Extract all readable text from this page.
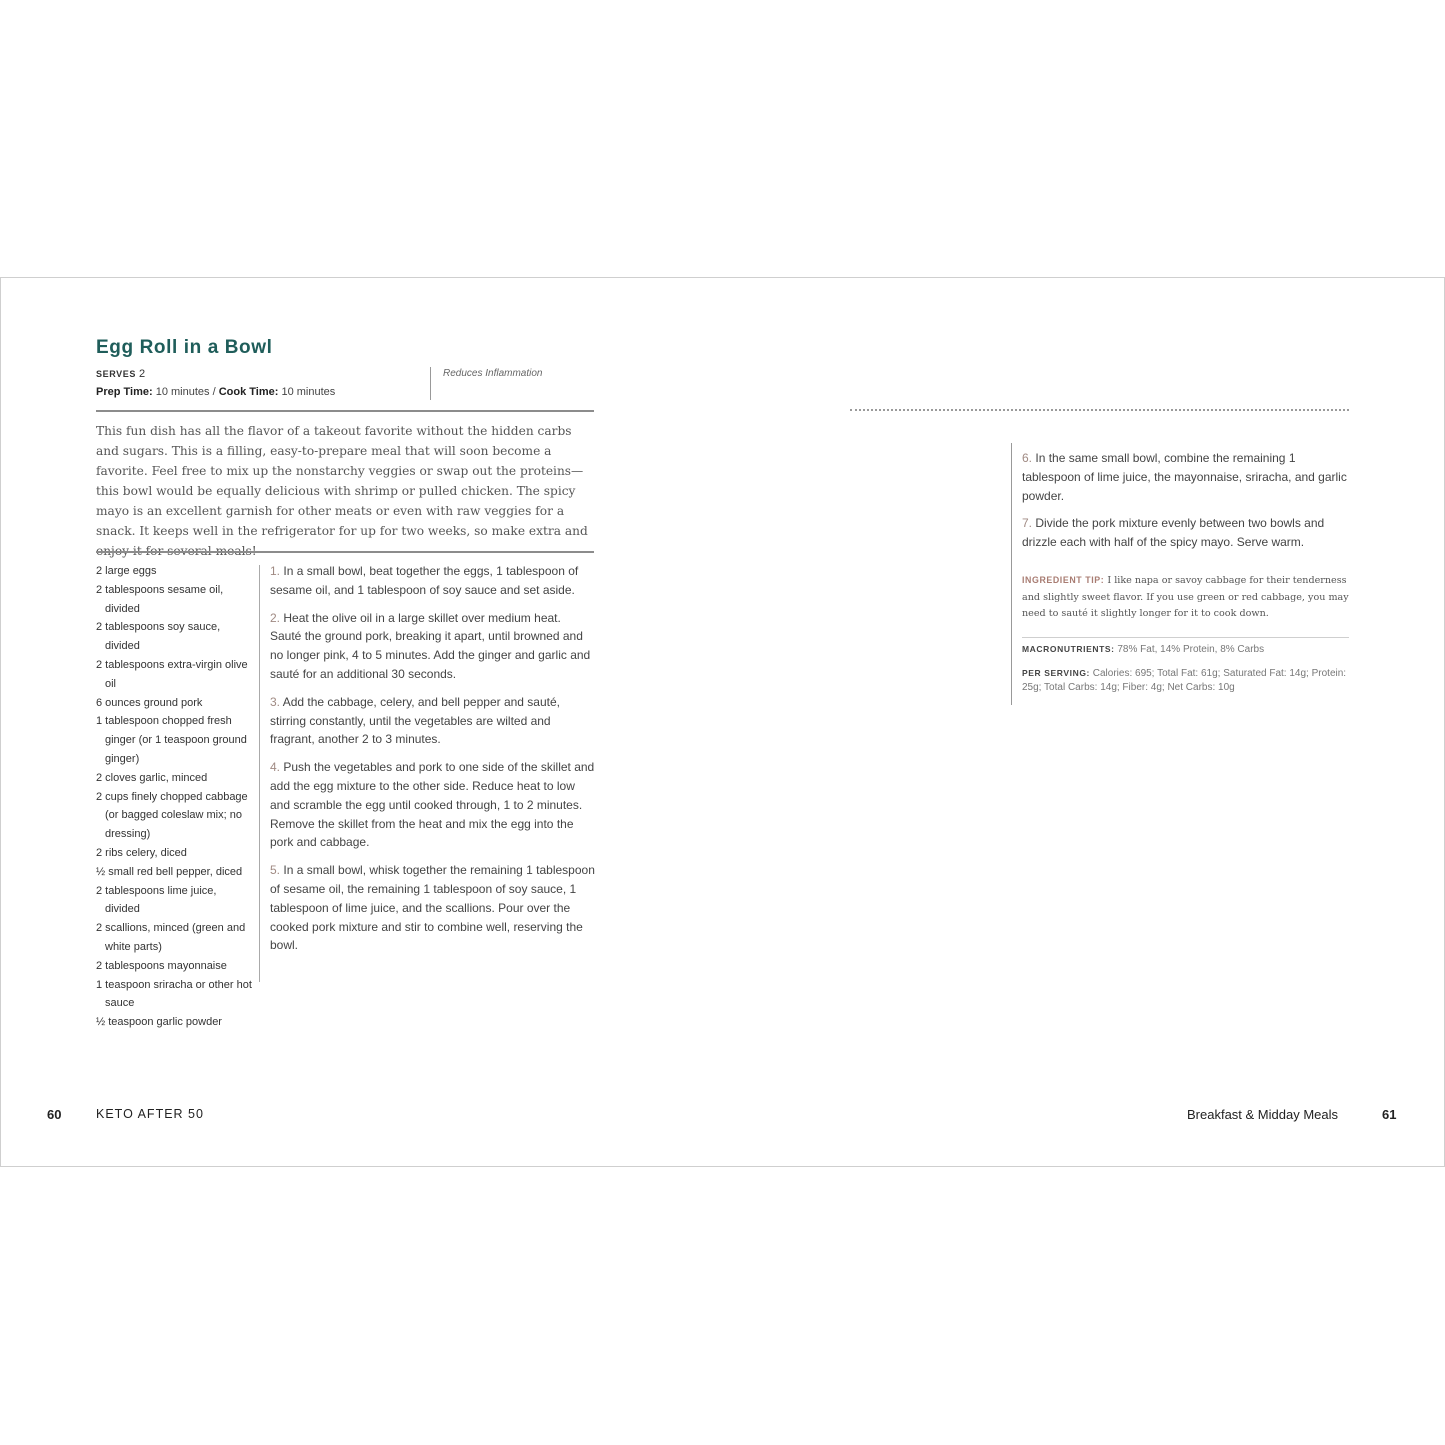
Egg Roll in a Bowl
SERVES 2
Prep Time: 10 minutes / Cook Time: 10 minutes
Reduces Inflammation

This fun dish has all the flavor of a takeout favorite without the hidden carbs and sugars. This is a filling, easy-to-prepare meal that will soon become a favorite. Feel free to mix up the nonstarchy veggies or swap out the proteins—this bowl would be equally delicious with shrimp or pulled chicken. The spicy mayo is an excellent garnish for other meats or even with raw veggies for a snack. It keeps well in the refrigerator for up for two weeks, so make extra and

2 large eggs
2 tablespoons sesame oil, divided
2 tablespoons soy sauce, divided
2 tablespoons extra-virgin olive oil
6 ounces ground pork
1 tablespoon chopped fresh ginger (or 1 teaspoon ground ginger)
2 cloves garlic, minced
2 cups finely chopped cabbage (or bagged coleslaw mix; no dressing)
2 ribs celery, diced
½ small red bell pepper, diced
2 tablespoons lime juice, divided
2 scallions, minced (green and white parts)
2 tablespoons mayonnaise
1 teaspoon sriracha or other hot sauce
½ teaspoon garlic powder

1. In a small bowl, beat together the eggs, 1 tablespoon of sesame oil, and 1 tablespoon of soy sauce and set aside.

2. Heat the olive oil in a large skillet over medium heat. Sauté the ground pork, breaking it apart, until browned and no longer pink, 4 to 5 minutes. Add the ginger and garlic and sauté for an additional 30 seconds.

3. Add the cabbage, celery, and bell pepper and sauté, stirring constantly, until the vegetables are wilted and fragrant, another 2 to 3 minutes.

4. Push the vegetables and pork to one side of the skillet and add the egg mixture to the other side. Reduce heat to low and scramble the egg until cooked through, 1 to 2 minutes. Remove the skillet from the heat and mix the egg into the pork and cabbage.

5. In a small bowl, whisk together the remaining 1 tablespoon of sesame oil, the remaining 1 tablespoon of soy sauce, 1 tablespoon of lime juice, and the scallions. Pour over the cooked pork mixture and stir to combine well, reserving the bowl.

6. In the same small bowl, combine the remaining 1 tablespoon of lime juice, the mayonnaise, sriracha, and garlic powder.

7. Divide the pork mixture evenly between two bowls and drizzle each with half of the spicy mayo. Serve warm.

INGREDIENT TIP: I like napa or savoy cabbage for their tenderness and slightly sweet flavor. If you use green or red cabbage, you may need to sauté it slightly longer for it to cook down.

MACRONUTRIENTS: 78% Fat, 14% Protein, 8% Carbs

PER SERVING: Calories: 695; Total Fat: 61g; Saturated Fat: 14g; Protein: 25g; Total Carbs: 14g; Fiber: 4g; Net Carbs: 10g

60	KETO AFTER 50	Breakfast & Midday Meals	61
